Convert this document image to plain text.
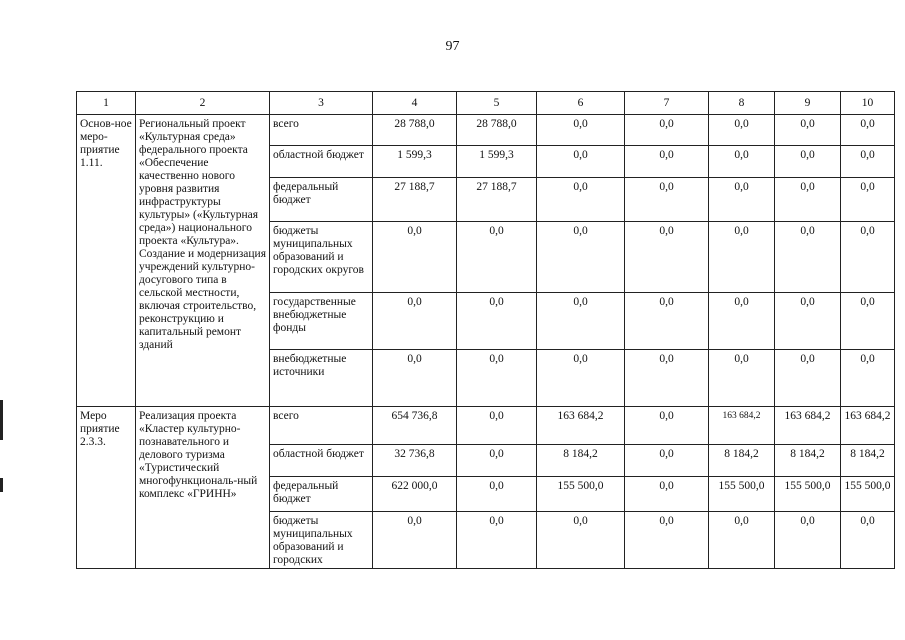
97
1	2	3	4	5	6	7	8	9	10
Основ-ное меро-приятие 1.11.	Региональный проект «Культурная среда» федерального проекта «Обеспечение качественно нового уровня развития инфраструктуры культуры» («Культурная среда») национального проекта «Культура». Создание и модернизация учреждений культурно-досугового типа в сельской местности, включая строительство, реконструкцию и капитальный ремонт зданий	всего	28 788,0	28 788,0	0,0	0,0	0,0	0,0	0,0
		областной бюджет	1 599,3	1 599,3	0,0	0,0	0,0	0,0	0,0
		федеральный бюджет	27 188,7	27 188,7	0,0	0,0	0,0	0,0	0,0
		бюджеты муниципальных образований и городских округов	0,0	0,0	0,0	0,0	0,0	0,0	0,0
		государственные внебюджетные фонды	0,0	0,0	0,0	0,0	0,0	0,0	0,0
		внебюджетные источники	0,0	0,0	0,0	0,0	0,0	0,0	0,0
Меро приятие 2.3.3.	Реализация проекта «Кластер культурно-познавательного и делового туризма «Туристический многофункциональ-ный комплекс «ГРИНН»	всего	654 736,8	0,0	163 684,2	0,0	163 684,2	163 684,2	163 684,2
		областной бюджет	32 736,8	0,0	8 184,2	0,0	8 184,2	8 184,2	8 184,2
		федеральный бюджет	622 000,0	0,0	155 500,0	0,0	155 500,0	155 500,0	155 500,0
		бюджеты муниципальных образований и городских	0,0	0,0	0,0	0,0	0,0	0,0	0,0
